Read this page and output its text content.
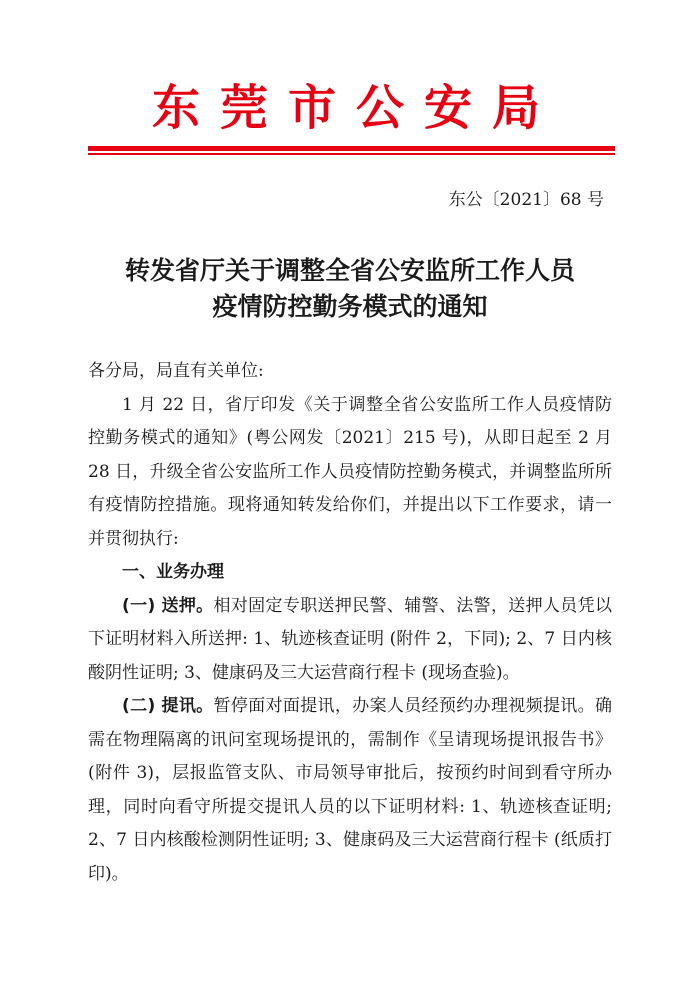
东莞市公安局
东公〔2021〕68 号
转发省厅关于调整全省公安监所工作人员
疫情防控勤务模式的通知

各分局，局直有关单位:

1 月 22 日，省厅印发《关于调整全省公安监所工作人员疫情防控勤务模式的通知》(粤公网发〔2021〕215 号)，从即日起至 2 月 28 日，升级全省公安监所工作人员疫情防控勤务模式，并调整监所所有疫情防控措施。现将通知转发给你们，并提出以下工作要求，请一并贯彻执行:

一、业务办理

(一) 送押。相对固定专职送押民警、辅警、法警，送押人员凭以下证明材料入所送押: 1、轨迹核查证明 (附件 2，下同); 2、7 日内核酸阴性证明; 3、健康码及三大运营商行程卡 (现场查验)。

(二) 提讯。暂停面对面提讯，办案人员经预约办理视频提讯。确需在物理隔离的讯问室现场提讯的，需制作《呈请现场提讯报告书》(附件 3)，层报监管支队、市局领导审批后，按预约时间到看守所办理，同时向看守所提交提讯人员的以下证明材料: 1、轨迹核查证明; 2、7 日内核酸检测阴性证明; 3、健康码及三大运营商行程卡 (纸质打印)。
